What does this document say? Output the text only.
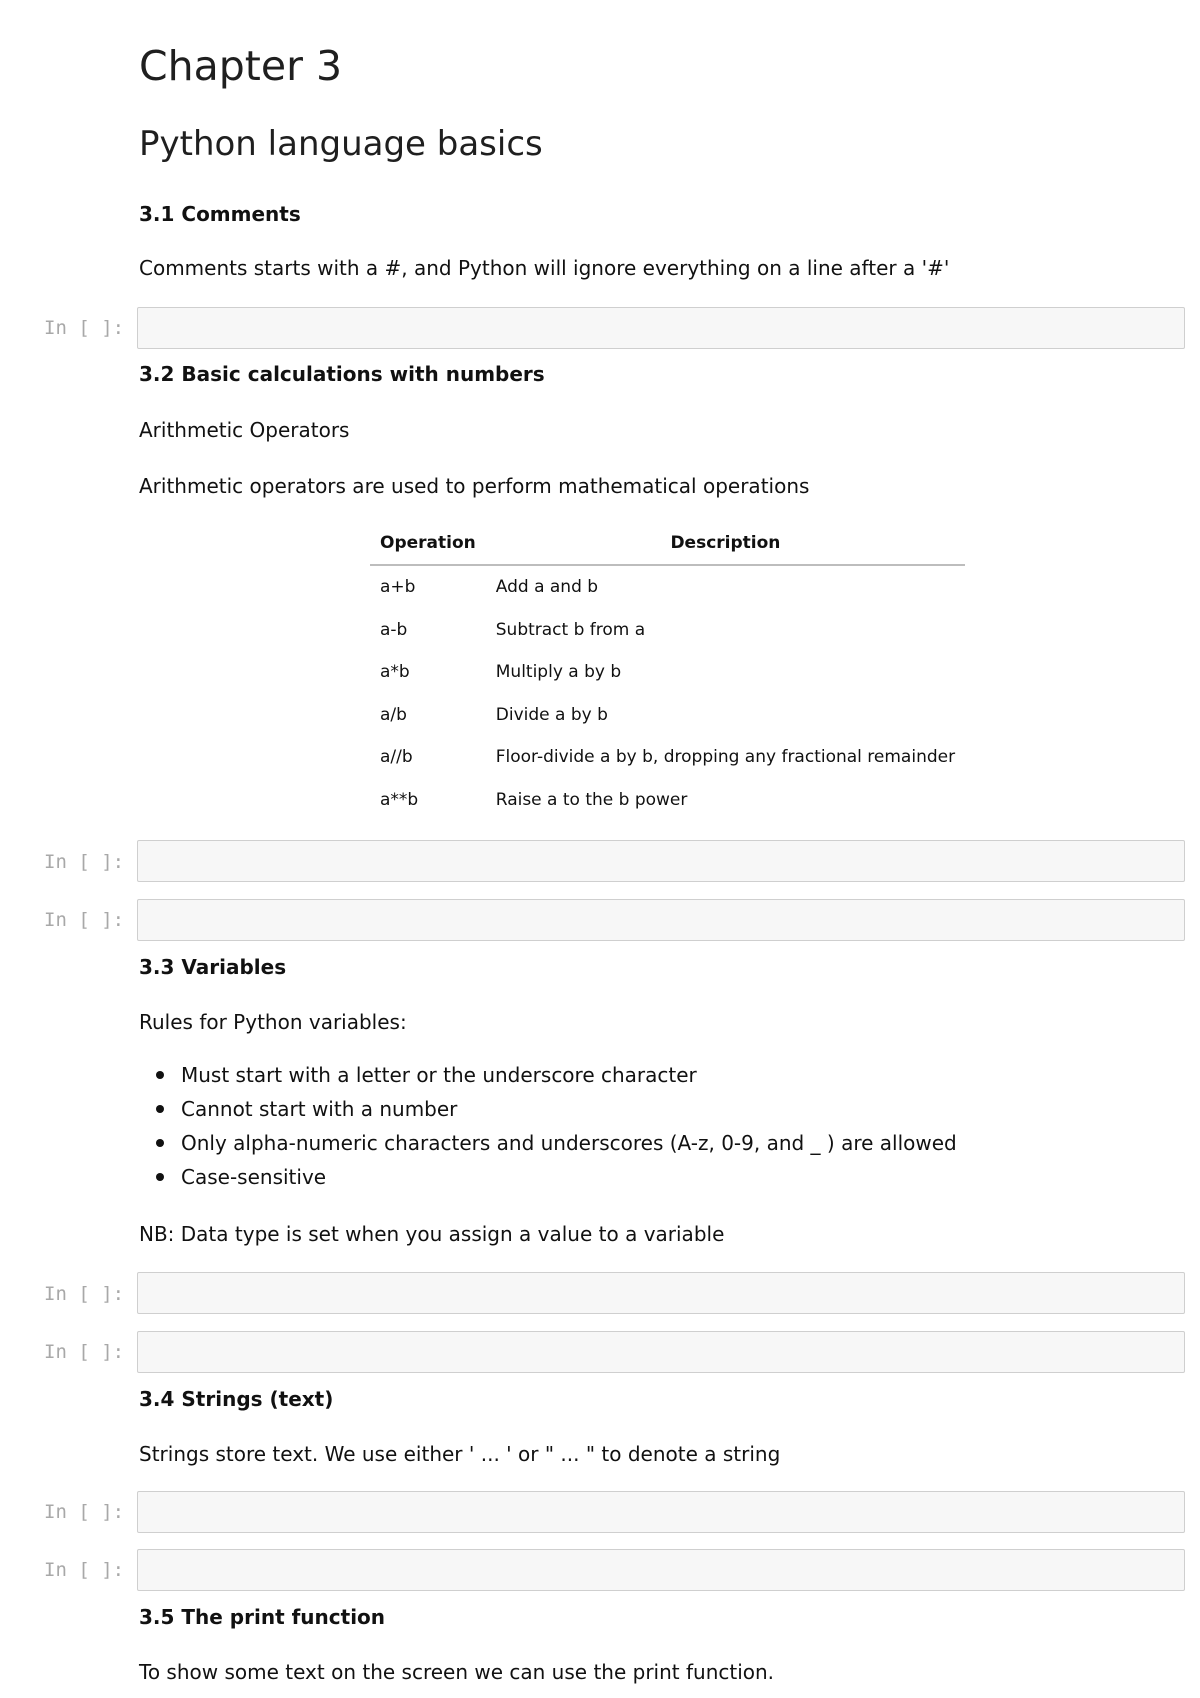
Chapter 3
Python language basics
3.1 Comments
Comments starts with a #, and Python will ignore everything on a line after a '#'
In [ ]:
3.2 Basic calculations with numbers
Arithmetic Operators
Arithmetic operators are used to perform mathematical operations
Operation	Description
a+b	Add a and b
a-b	Subtract b from a
a*b	Multiply a by b
a/b	Divide a by b
a//b	Floor-divide a by b, dropping any fractional remainder
a**b	Raise a to the b power
In [ ]:
In [ ]:
3.3 Variables
Rules for Python variables:
Must start with a letter or the underscore character
Cannot start with a number
Only alpha-numeric characters and underscores (A-z, 0-9, and _ ) are allowed
Case-sensitive
NB: Data type is set when you assign a value to a variable
In [ ]:
In [ ]:
3.4 Strings (text)
Strings store text. We use either ' ... ' or " ... " to denote a string
In [ ]:
In [ ]:
3.5 The print function
To show some text on the screen we can use the print function.
